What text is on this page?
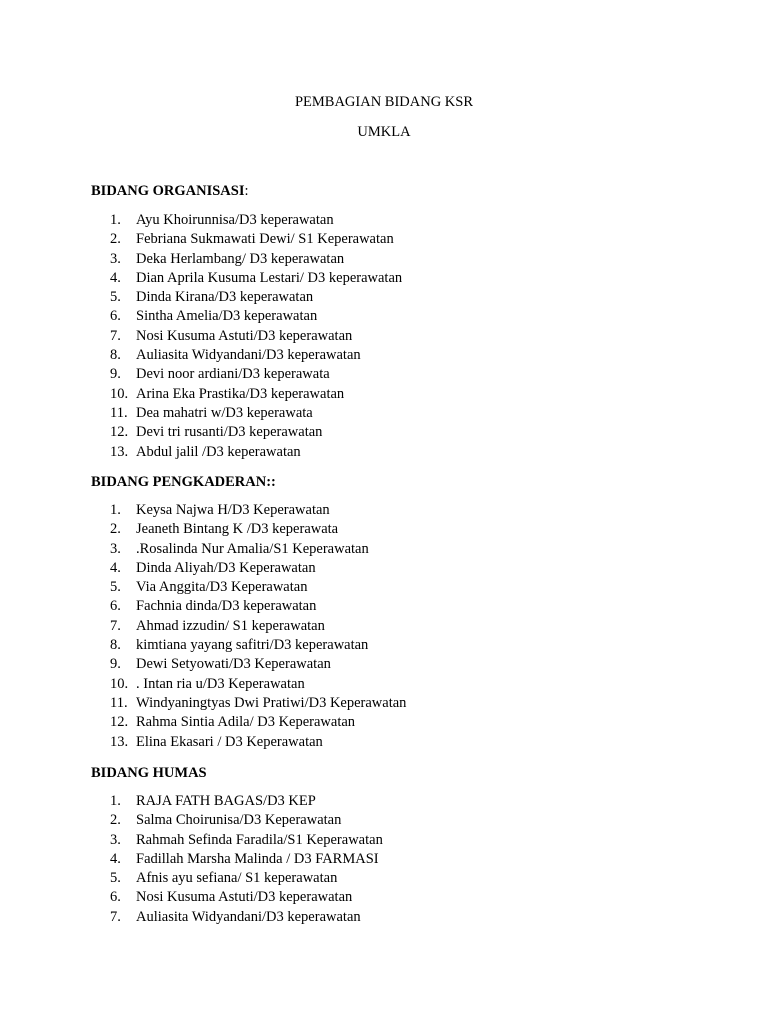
PEMBAGIAN BIDANG KSR
UMKLA
BIDANG ORGANISASI:
1. Ayu Khoirunnisa/D3 keperawatan
2. Febriana Sukmawati Dewi/ S1 Keperawatan
3. Deka Herlambang/ D3 keperawatan
4. Dian Aprila Kusuma Lestari/ D3 keperawatan
5. Dinda Kirana/D3 keperawatan
6. Sintha Amelia/D3 keperawatan
7. Nosi Kusuma Astuti/D3 keperawatan
8. Auliasita Widyandani/D3 keperawatan
9. Devi noor ardiani/D3 keperawata
10. Arina Eka Prastika/D3 keperawatan
11. Dea mahatri w/D3 keperawata
12. Devi tri rusanti/D3 keperawatan
13. Abdul jalil /D3 keperawatan
BIDANG PENGKADERAN::
1. Keysa Najwa H/D3 Keperawatan
2. Jeaneth Bintang K /D3 keperawata
3. .Rosalinda Nur Amalia/S1 Keperawatan
4. Dinda Aliyah/D3 Keperawatan
5. Via Anggita/D3 Keperawatan
6. Fachnia dinda/D3 keperawatan
7. Ahmad izzudin/ S1 keperawatan
8. kimtiana yayang safitri/D3 keperawatan
9. Dewi Setyowati/D3 Keperawatan
10. . Intan ria u/D3 Keperawatan
11. Windyaningtyas Dwi Pratiwi/D3 Keperawatan
12. Rahma Sintia Adila/ D3 Keperawatan
13. Elina Ekasari / D3 Keperawatan
BIDANG HUMAS
1. RAJA FATH BAGAS/D3 KEP
2. Salma Choirunisa/D3 Keperawatan
3. Rahmah Sefinda Faradila/S1 Keperawatan
4. Fadillah Marsha Malinda / D3 FARMASI
5. Afnis ayu sefiana/ S1 keperawatan
6. Nosi Kusuma Astuti/D3 keperawatan
7. Auliasita Widyandani/D3 keperawatan
